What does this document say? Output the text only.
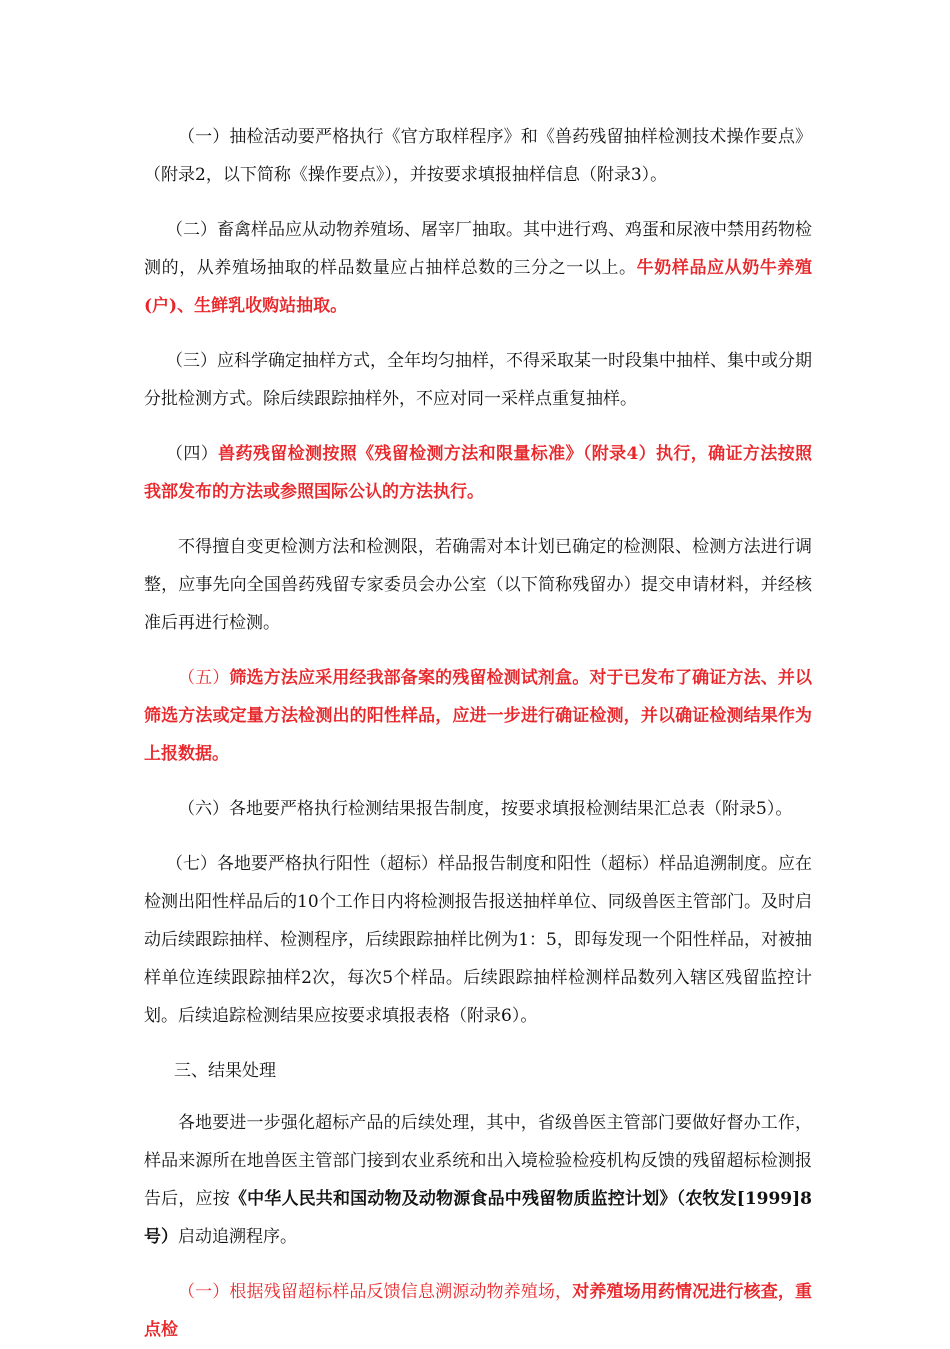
（一）抽检活动要严格执行《官方取样程序》和《兽药残留抽样检测技术操作要点》（附录2，以下简称《操作要点》），并按要求填报抽样信息（附录3）。

（二）畜禽样品应从动物养殖场、屠宰厂抽取。其中进行鸡、鸡蛋和尿液中禁用药物检测的，从养殖场抽取的样品数量应占抽样总数的三分之一以上。牛奶样品应从奶牛养殖(户)、生鲜乳收购站抽取。

（三）应科学确定抽样方式，全年均匀抽样，不得采取某一时段集中抽样、集中或分期分批检测方式。除后续跟踪抽样外，不应对同一采样点重复抽样。

（四）兽药残留检测按照《残留检测方法和限量标准》（附录4）执行，确证方法按照我部发布的方法或参照国际公认的方法执行。

不得擅自变更检测方法和检测限，若确需对本计划已确定的检测限、检测方法进行调整，应事先向全国兽药残留专家委员会办公室（以下简称残留办）提交申请材料，并经核准后再进行检测。

（五）筛选方法应采用经我部备案的残留检测试剂盒。对于已发布了确证方法、并以筛选方法或定量方法检测出的阳性样品，应进一步进行确证检测，并以确证检测结果作为上报数据。

（六）各地要严格执行检测结果报告制度，按要求填报检测结果汇总表（附录5）。

（七）各地要严格执行阳性（超标）样品报告制度和阳性（超标）样品追溯制度。应在检测出阳性样品后的10个工作日内将检测报告报送抽样单位、同级兽医主管部门。及时启动后续跟踪抽样、检测程序，后续跟踪抽样比例为1：5，即每发现一个阳性样品，对被抽样单位连续跟踪抽样2次，每次5个样品。后续跟踪抽样检测样品数列入辖区残留监控计划。后续追踪检测结果应按要求填报表格（附录6）。

三、结果处理

各地要进一步强化超标产品的后续处理，其中，省级兽医主管部门要做好督办工作，样品来源所在地兽医主管部门接到农业系统和出入境检验检疫机构反馈的残留超标检测报告后，应按《中华人民共和国动物及动物源食品中残留物质监控计划》（农牧发[1999]8号）启动追溯程序。

（一）根据残留超标样品反馈信息溯源动物养殖场，对养殖场用药情况进行核查，重点检
